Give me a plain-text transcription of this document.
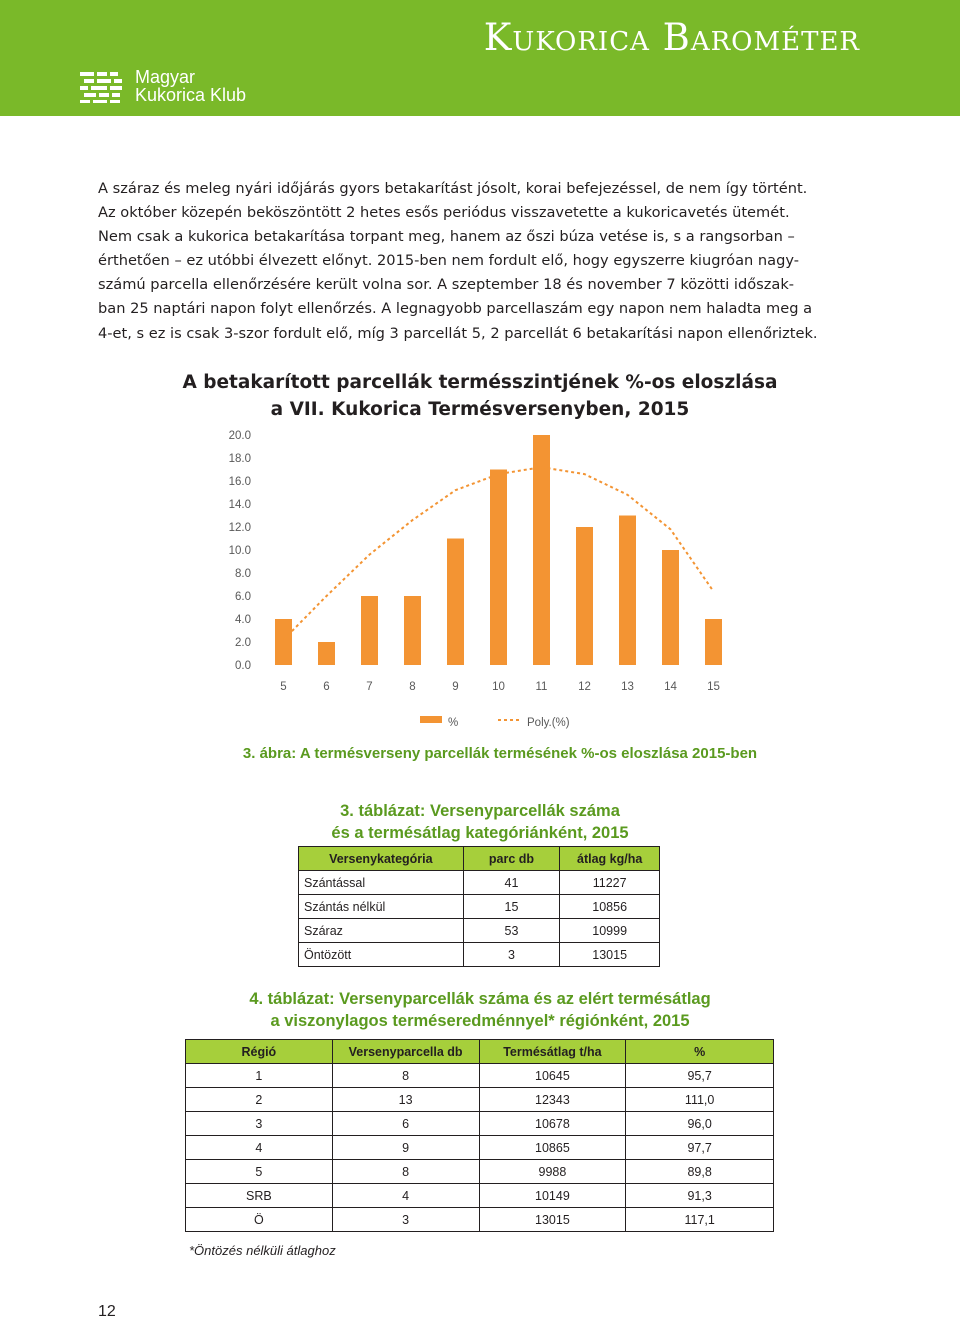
Kukorica Barométer
Magyar
Kukorica Klub

A száraz és meleg nyári időjárás gyors betakarítást jósolt, korai befejezéssel, de nem így történt.
Az október közepén beköszöntött 2 hetes esős periódus visszavetette a kukoricavetés ütemét.
Nem csak a kukorica betakarítása torpant meg, hanem az őszi búza vetése is, s a rangsorban –
érthetően – ez utóbbi élvezett előnyt. 2015-ben nem fordult elő, hogy egyszerre kiugróan nagy-
számú parcella ellenőrzésére került volna sor. A szeptember 18 és november 7 közötti időszak-
ban 25 naptári napon folyt ellenőrzés. A legnagyobb parcellaszám egy napon nem haladta meg a
4-et, s ez is csak 3-szor fordult elő, míg 3 parcellát 5, 2 parcellát 6 betakarítási napon ellenőriztek.

A betakarított parcellák termésszintjének %-os eloszlása
a VII. Kukorica Termésversenyben, 2015
0.0
2.0
4.0
6.0
8.0
10.0
12.0
14.0
16.0
18.0
20.0
5	6	7	8	9	10	11	12	13	14	15
%	Poly.(%)
3. ábra: A termésverseny parcellák termésének %-os eloszlása 2015-ben
3. táblázat: Versenyparcellák száma
és a termésátlag kategóriánként, 2015
Versenykategória	parc db	átlag kg/ha
Szántással	41	11227
Szántás nélkül	15	10856
Száraz	53	10999
Öntözött	3	13015
4. táblázat: Versenyparcellák száma és az elért termésátlag
a viszonylagos terméseredménnyel* régiónként, 2015
Régió	Versenyparcella db	Termésátlag t/ha	%
1	8	10645	95,7
2	13	12343	111,0
3	6	10678	96,0
4	9	10865	97,7
5	8	9988	89,8
SRB	4	10149	91,3
Ö	3	13015	117,1
*Öntözés nélküli átlaghoz
12
